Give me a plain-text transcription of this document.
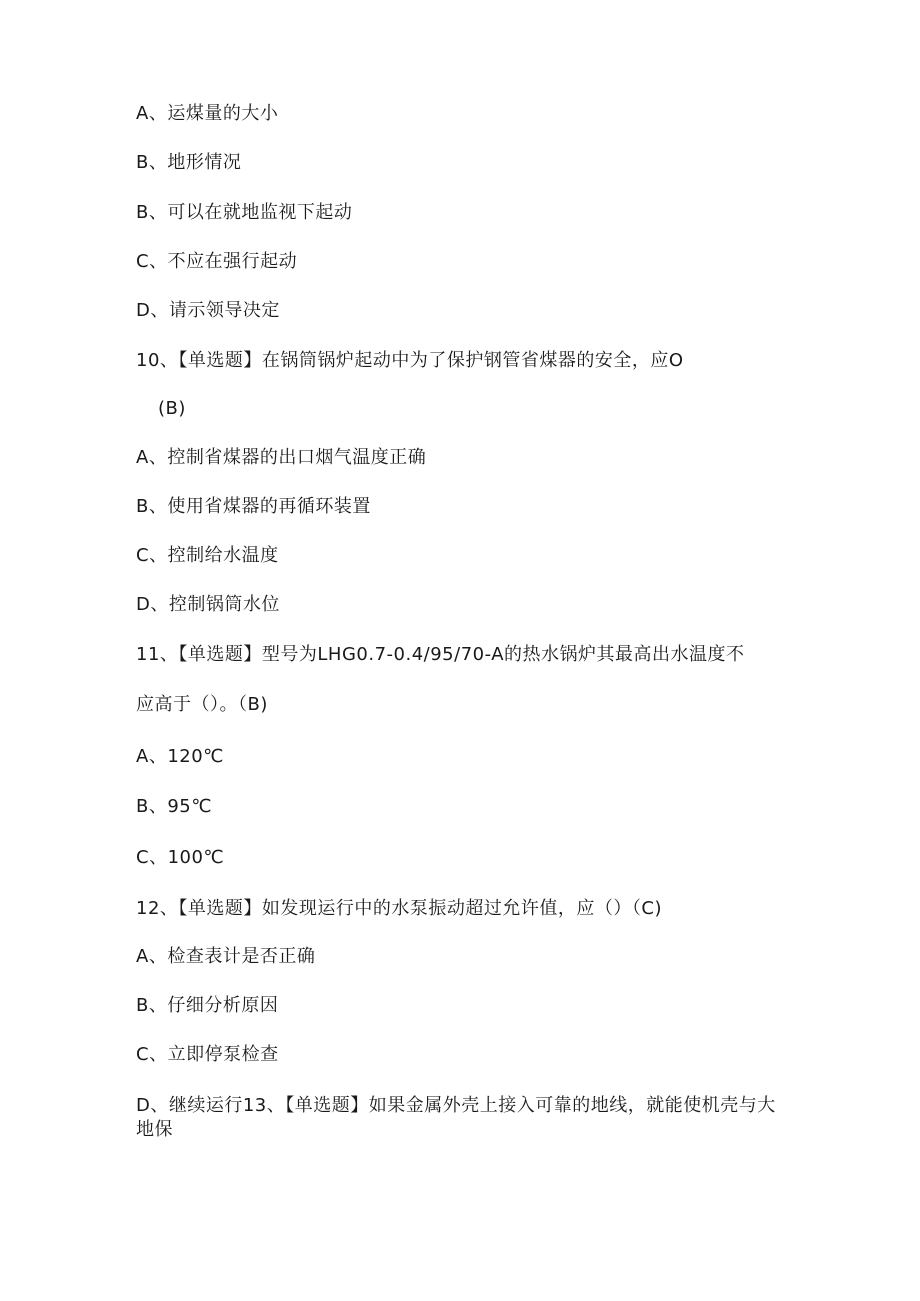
A、运煤量的大小
B、地形情况
B、可以在就地监视下起动
C、不应在强行起动
D、请示领导决定
10、【单选题】在锅筒锅炉起动中为了保护钢管省煤器的安全，应O
(B)
A、控制省煤器的出口烟气温度正确
B、使用省煤器的再循环装置
C、控制给水温度
D、控制锅筒水位
11、【单选题】型号为LHG0.7-0.4/95/70-A的热水锅炉其最高出水温度不
应高于（）。（B)
A、120℃
B、95℃
C、100℃
12、【单选题】如发现运行中的水泵振动超过允许值，应（）（C)
A、检查表计是否正确
B、仔细分析原因
C、立即停泵检查
D、继续运行13、【单选题】如果金属外壳上接入可靠的地线，就能使机壳与大地保
